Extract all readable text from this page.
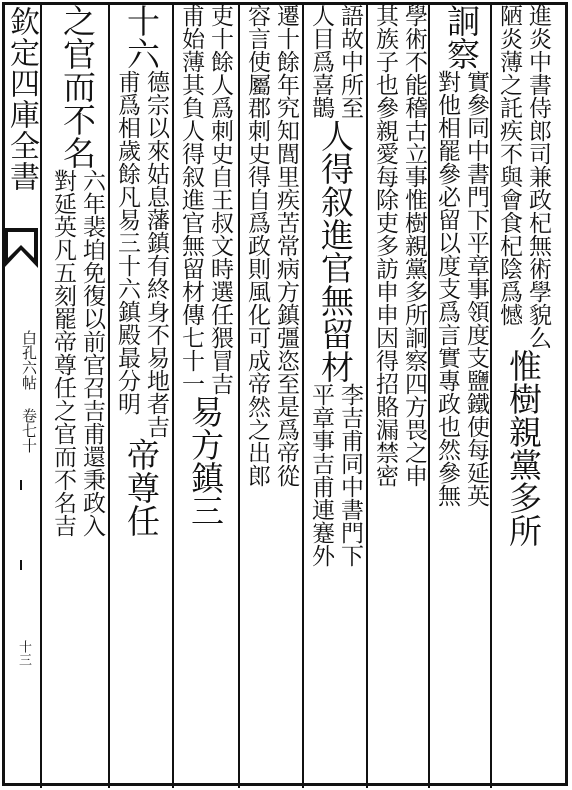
欽定四庫全書
白孔六帖 卷七十
十三
進炎中書侍郎司兼政杞無術學貌么
陋炎薄之託疾不與會食杞陰爲憾
惟樹親黨多所
詗察
實參同中書門下平章事領度支鹽鐵使每延英
對他相罷參必留以度支爲言實專政也然參無
學術不能稽古立事惟樹親黨多所詗察四方畏之申
其族子也參親愛每除吏多訪申申因得招賂漏禁密
語故中所至
人目爲喜鵲
人得叙進官無留材
李吉甫同中書門下
平章事吉甫連蹇外
遷十餘年究知閭里疾苦常病方鎮彊恣至是爲帝從
容言使屬郡刺史得自爲政則風化可成帝然之出郎
吏十餘人爲刺史自王叔文時選任猥冒吉
甫始薄其負人得叙進官無留材傳七十一
易方鎮三
十六
德宗以來姑息藩鎮有終身不易地者吉
甫爲相歲餘凡易三十六鎮殿最分明
帝尊任
之官而不名
六年裴垍免復以前官召吉甫還秉政入
對延英凡五刻罷帝尊任之官而不名吉
